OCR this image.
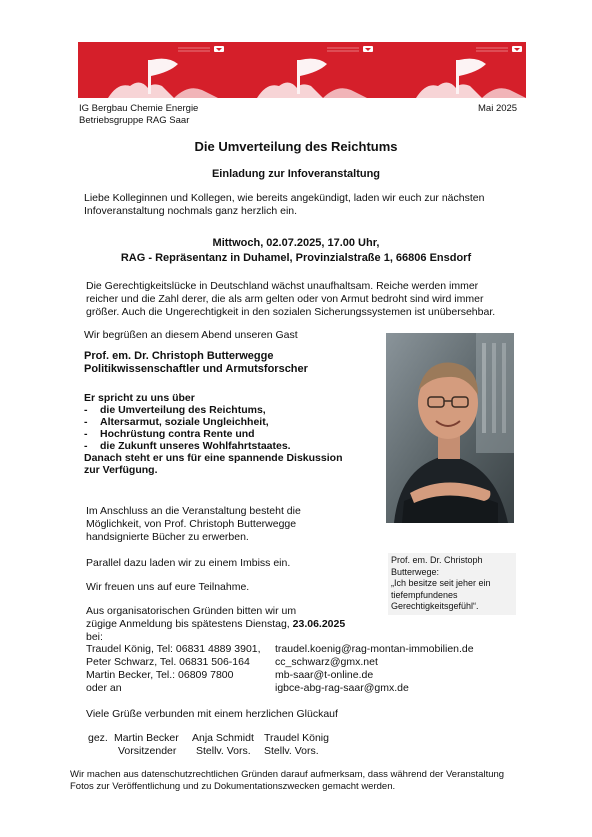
IG Bergbau Chemie Energie
Betriebsgruppe RAG Saar
Mai 2025
Die Umverteilung des Reichtums
Einladung zur Infoveranstaltung
Liebe Kolleginnen und Kollegen, wie bereits angekündigt, laden wir euch zur nächsten
Infoveranstaltung nochmals ganz herzlich ein.
Mittwoch, 02.07.2025, 17.00 Uhr,
RAG - Repräsentanz in Duhamel, Provinzialstraße 1, 66806 Ensdorf
Die Gerechtigkeitslücke in Deutschland wächst unaufhaltsam. Reiche werden immer
reicher und die Zahl derer, die als arm gelten oder von Armut bedroht sind wird immer
größer. Auch die Ungerechtigkeit in den sozialen Sicherungssystemen ist unübersehbar.
Wir begrüßen an diesem Abend unseren Gast
Prof. em. Dr. Christoph Butterwegge
Politikwissenschaftler und Armutsforscher
Er spricht zu uns über
-	die Umverteilung des Reichtums,
-	Altersarmut, soziale Ungleichheit,
-	Hochrüstung contra Rente und
-	die Zukunft unseres Wohlfahrtstaates.
Danach steht er uns für eine spannende Diskussion
zur Verfügung.
Prof. em. Dr. Christoph
Butterwege:
„Ich besitze seit jeher ein
tiefempfundenes
Gerechtigkeitsgefühl“.
Im Anschluss an die Veranstaltung besteht die
Möglichkeit, von Prof. Christoph Butterwegge
handsignierte Bücher zu erwerben.
Parallel dazu laden wir zu einem Imbiss ein.
Wir freuen uns auf eure Teilnahme.
Aus organisatorischen Gründen bitten wir um
zügige Anmeldung bis spätestens Dienstag, 23.06.2025
bei:
Traudel König, Tel: 06831 4889 3901,	traudel.koenig@rag-montan-immobilien.de
Peter Schwarz, Tel. 06831 506-164	cc_schwarz@gmx.net
Martin Becker, Tel.: 06809 7800	mb-saar@t-online.de
oder an	igbce-abg-rag-saar@gmx.de
Viele Grüße verbunden mit einem herzlichen Glückauf
gez. Martin Becker	Anja Schmidt Traudel König
Vorsitzender	Stellv. Vors.	Stellv. Vors.
Wir machen aus datenschutzrechtlichen Gründen darauf aufmerksam, dass während der Veranstaltung
Fotos zur Veröffentlichung und zu Dokumentationszwecken gemacht werden.
